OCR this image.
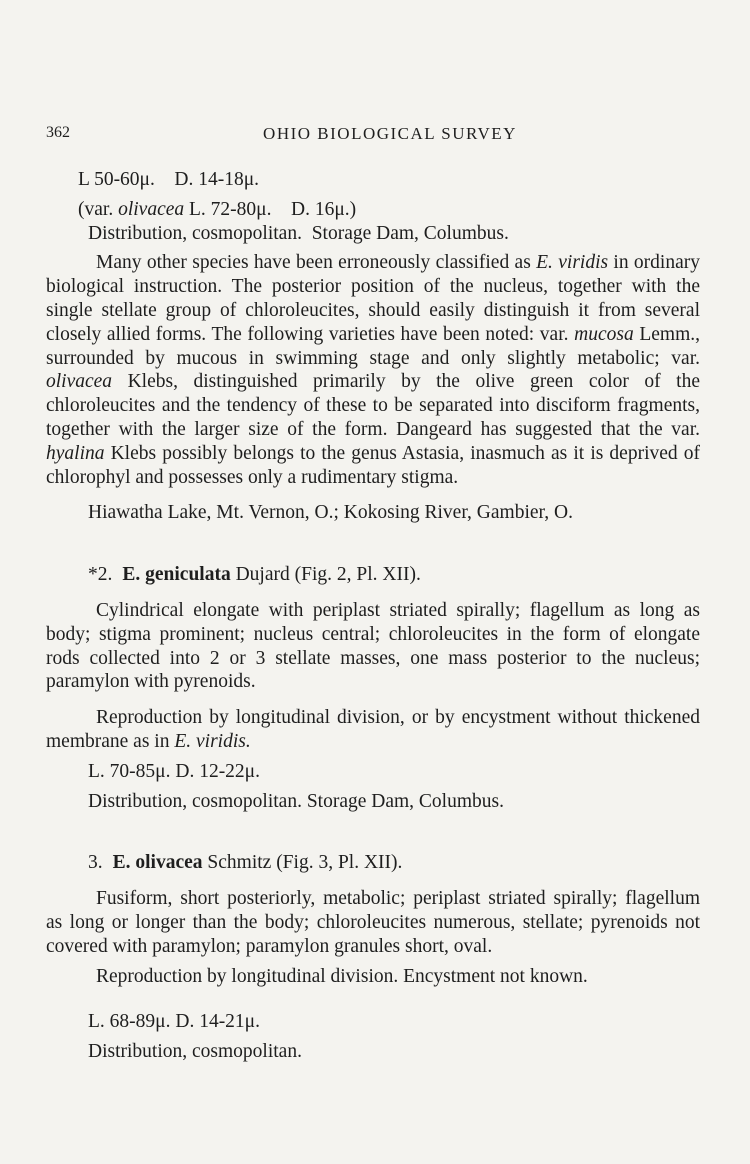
362	OHIO BIOLOGICAL SURVEY

L 50-60μ.    D. 14-18μ.

(var. olivacea L. 72-80μ.    D. 16μ.)

Distribution, cosmopolitan.  Storage Dam, Columbus.

Many other species have been erroneously classified as E. viridis in ordinary biological instruction. The posterior position of the nucleus, together with the single stellate group of chloroleucites, should easily distinguish it from several closely allied forms. The following varieties have been noted: var. mucosa Lemm., surrounded by mucous in swimming stage and only slightly metabolic; var. olivacea Klebs, distinguished primarily by the olive green color of the chloroleucites and the tendency of these to be separated into disciform fragments, together with the larger size of the form. Dangeard has suggested that the var. hyalina Klebs possibly belongs to the genus Astasia, inasmuch as it is deprived of chlorophyl and possesses only a rudimentary stigma.

Hiawatha Lake, Mt. Vernon, O.; Kokosing River, Gambier, O.

*2. E. geniculata Dujard (Fig. 2, Pl. XII).

Cylindrical elongate with periplast striated spirally; flagellum as long as body; stigma prominent; nucleus central; chloroleucites in the form of elongate rods collected into 2 or 3 stellate masses, one mass posterior to the nucleus; paramylon with pyrenoids.

Reproduction by longitudinal division, or by encystment without thickened membrane as in E. viridis.

L. 70-85μ. D. 12-22μ.

Distribution, cosmopolitan. Storage Dam, Columbus.

3. E. olivacea Schmitz (Fig. 3, Pl. XII).

Fusiform, short posteriorly, metabolic; periplast striated spirally; flagellum as long or longer than the body; chloroleucites numerous, stellate; pyrenoids not covered with paramylon; paramylon granules short, oval.

Reproduction by longitudinal division. Encystment not known.

L. 68-89μ. D. 14-21μ.

Distribution, cosmopolitan.
